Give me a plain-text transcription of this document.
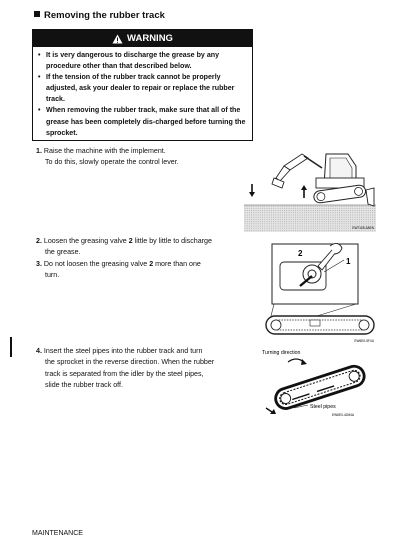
Removing the rubber track
WARNING
• It is very dangerous to discharge the grease by any procedure other than that described below.
• If the tension of the rubber track cannot be properly adjusted, ask your dealer to repair or replace the rubber track.
• When removing the rubber track, make sure that all of the grease has been completely dis-charged before turning the sprocket.
1. Raise the machine with the implement.
To do this, slowly operate the control lever.
EW7105-3AEN
2. Loosen the greasing valve 2 little by little to discharge
the grease.
3. Do not loosen the greasing valve 2 more than one
turn.
2
1
EW6E0-5F4U
4. Insert the steel pipes into the rubber track and turn
the sprocket in the reverse direction. When the rubber
track is separated from the idler by the steel pipes,
slide the rubber track off.
Turning direction
Steel pipes
EW6E0-42M4A
MAINTENANCE
